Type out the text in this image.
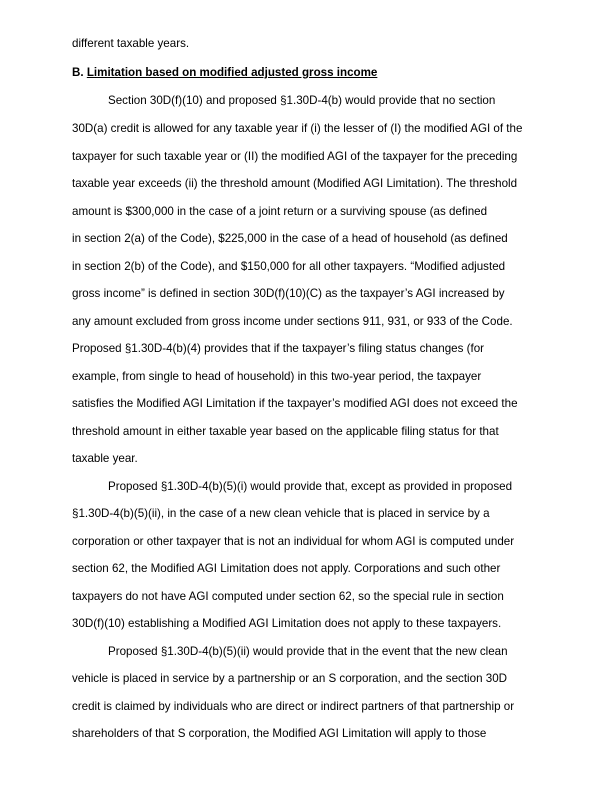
different taxable years.
B. Limitation based on modified adjusted gross income
Section 30D(f)(10) and proposed §1.30D-4(b) would provide that no section
30D(a) credit is allowed for any taxable year if (i) the lesser of (I) the modified AGI of the
taxpayer for such taxable year or (II) the modified AGI of the taxpayer for the preceding
taxable year exceeds (ii) the threshold amount (Modified AGI Limitation). The threshold
amount is $300,000 in the case of a joint return or a surviving spouse (as defined
in section 2(a) of the Code), $225,000 in the case of a head of household (as defined
in section 2(b) of the Code), and $150,000 for all other taxpayers. “Modified adjusted
gross income” is defined in section 30D(f)(10)(C) as the taxpayer’s AGI increased by
any amount excluded from gross income under sections 911, 931, or 933 of the Code.
Proposed §1.30D-4(b)(4) provides that if the taxpayer’s filing status changes (for
example, from single to head of household) in this two-year period, the taxpayer
satisfies the Modified AGI Limitation if the taxpayer’s modified AGI does not exceed the
threshold amount in either taxable year based on the applicable filing status for that
taxable year.
Proposed §1.30D-4(b)(5)(i) would provide that, except as provided in proposed
§1.30D-4(b)(5)(ii), in the case of a new clean vehicle that is placed in service by a
corporation or other taxpayer that is not an individual for whom AGI is computed under
section 62, the Modified AGI Limitation does not apply. Corporations and such other
taxpayers do not have AGI computed under section 62, so the special rule in section
30D(f)(10) establishing a Modified AGI Limitation does not apply to these taxpayers.
Proposed §1.30D-4(b)(5)(ii) would provide that in the event that the new clean
vehicle is placed in service by a partnership or an S corporation, and the section 30D
credit is claimed by individuals who are direct or indirect partners of that partnership or
shareholders of that S corporation, the Modified AGI Limitation will apply to those
